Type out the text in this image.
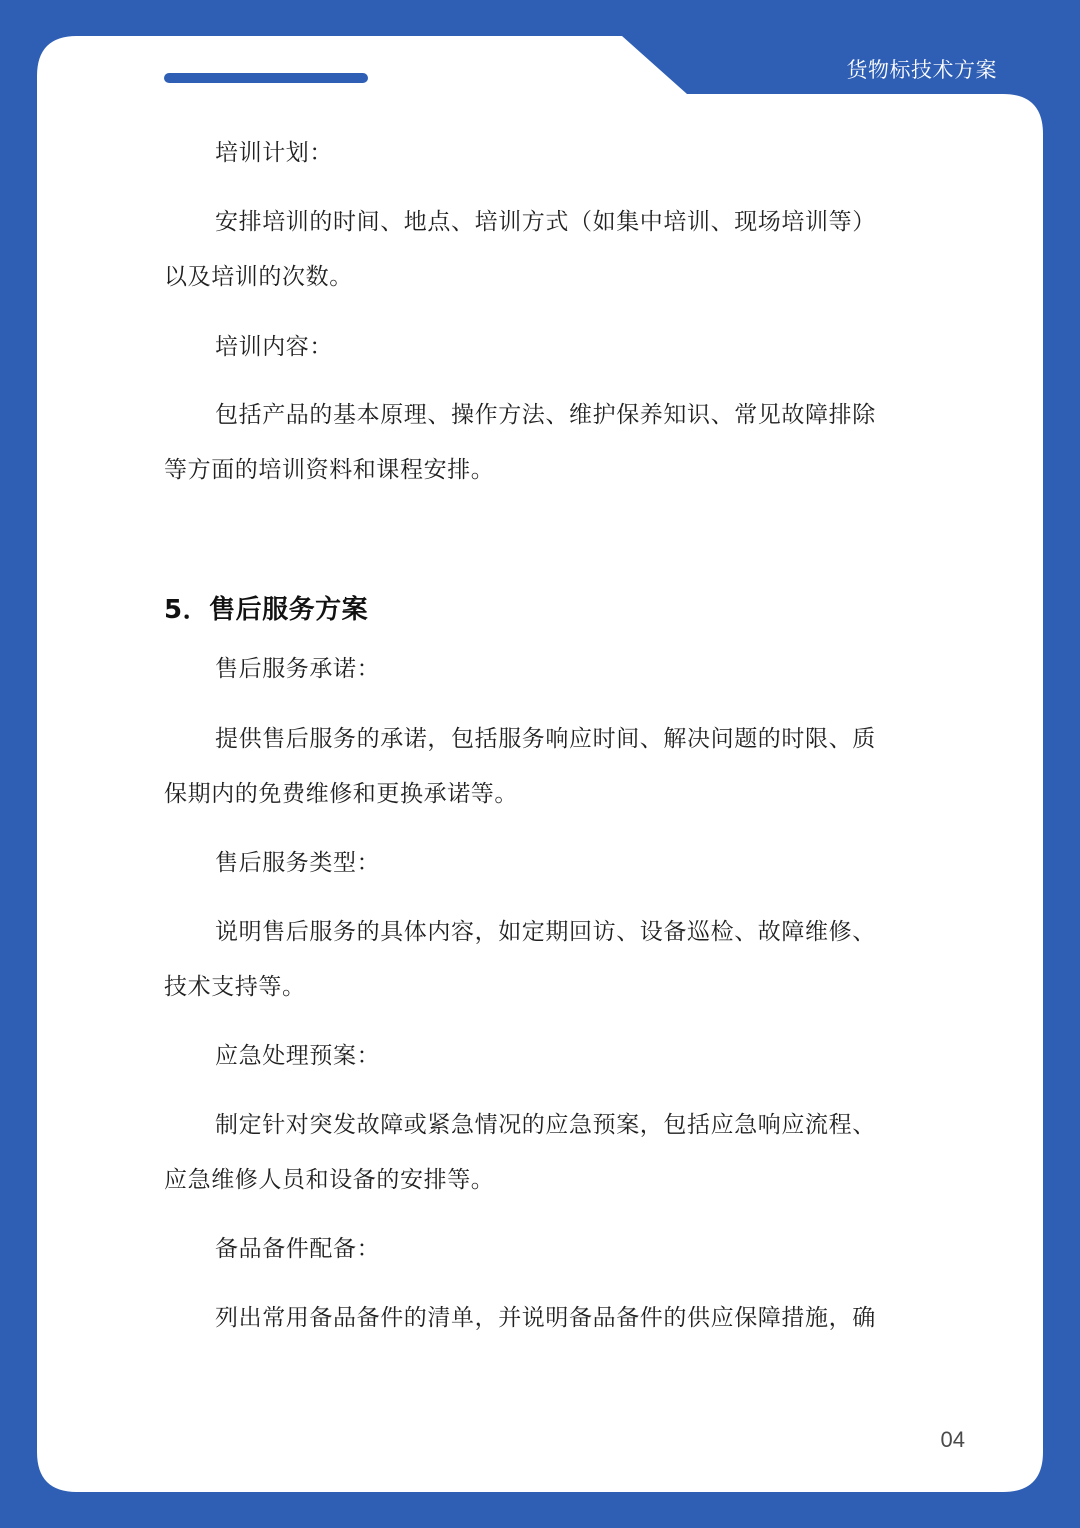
货物标技术方案

培训计划：

安排培训的时间、地点、培训方式（如集中培训、现场培训等）

以及培训的次数。

培训内容：

包括产品的基本原理、操作方法、维护保养知识、常见故障排除

等方面的培训资料和课程安排。

5．售后服务方案

售后服务承诺：

提供售后服务的承诺，包括服务响应时间、解决问题的时限、质

保期内的免费维修和更换承诺等。

售后服务类型：

说明售后服务的具体内容，如定期回访、设备巡检、故障维修、

技术支持等。

应急处理预案：

制定针对突发故障或紧急情况的应急预案，包括应急响应流程、

应急维修人员和设备的安排等。

备品备件配备：

列出常用备品备件的清单，并说明备品备件的供应保障措施，确

04
